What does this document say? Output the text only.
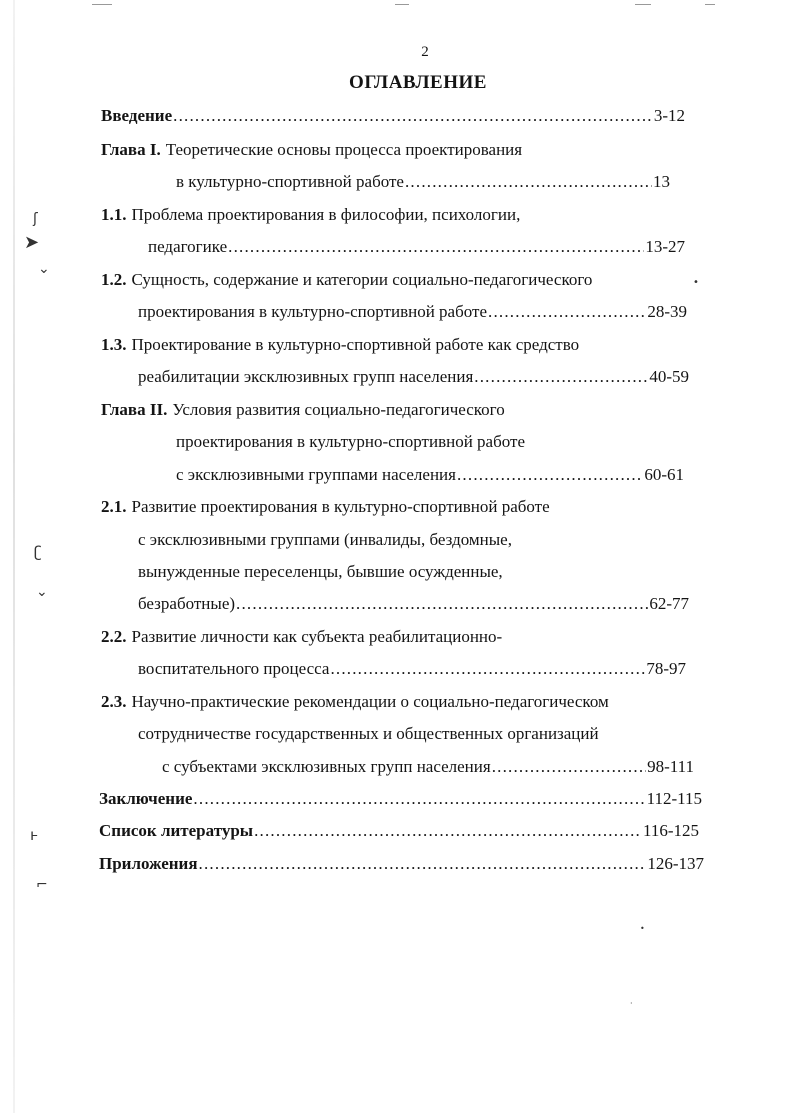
ʃ
➤
⌄
ʗ
⌄
ⱶ
⌐
•
•
·
2
ОГЛАВЛЕНИЕ
Введение .....	3-12
Глава I. Теоретические основы процесса проектирования
в культурно-спортивной работе .....	13
1.1. Проблема проектирования в философии, психологии,
педагогике .....	13-27
1.2. Сущность, содержание и категории социально-педагогического
проектирования в культурно-спортивной работе .....	28-39
1.3. Проектирование в культурно-спортивной работе как средство
реабилитации эксклюзивных групп населения .....	40-59
Глава II. Условия развития социально-педагогического
проектирования в культурно-спортивной работе
с эксклюзивными группами населения .....	60-61
2.1. Развитие проектирования в культурно-спортивной работе
с эксклюзивными группами (инвалиды, бездомные,
вынужденные переселенцы, бывшие осужденные,
безработные) .....	62-77
2.2. Развитие личности как субъекта реабилитационно-
воспитательного процесса .....	78-97
2.3. Научно-практические рекомендации о социально-педагогическом
сотрудничестве государственных и общественных организаций
с субъектами эксклюзивных групп населения .....	98-111
Заключение .....	112-115
Список литературы .....	116-125
Приложения .....	126-137
